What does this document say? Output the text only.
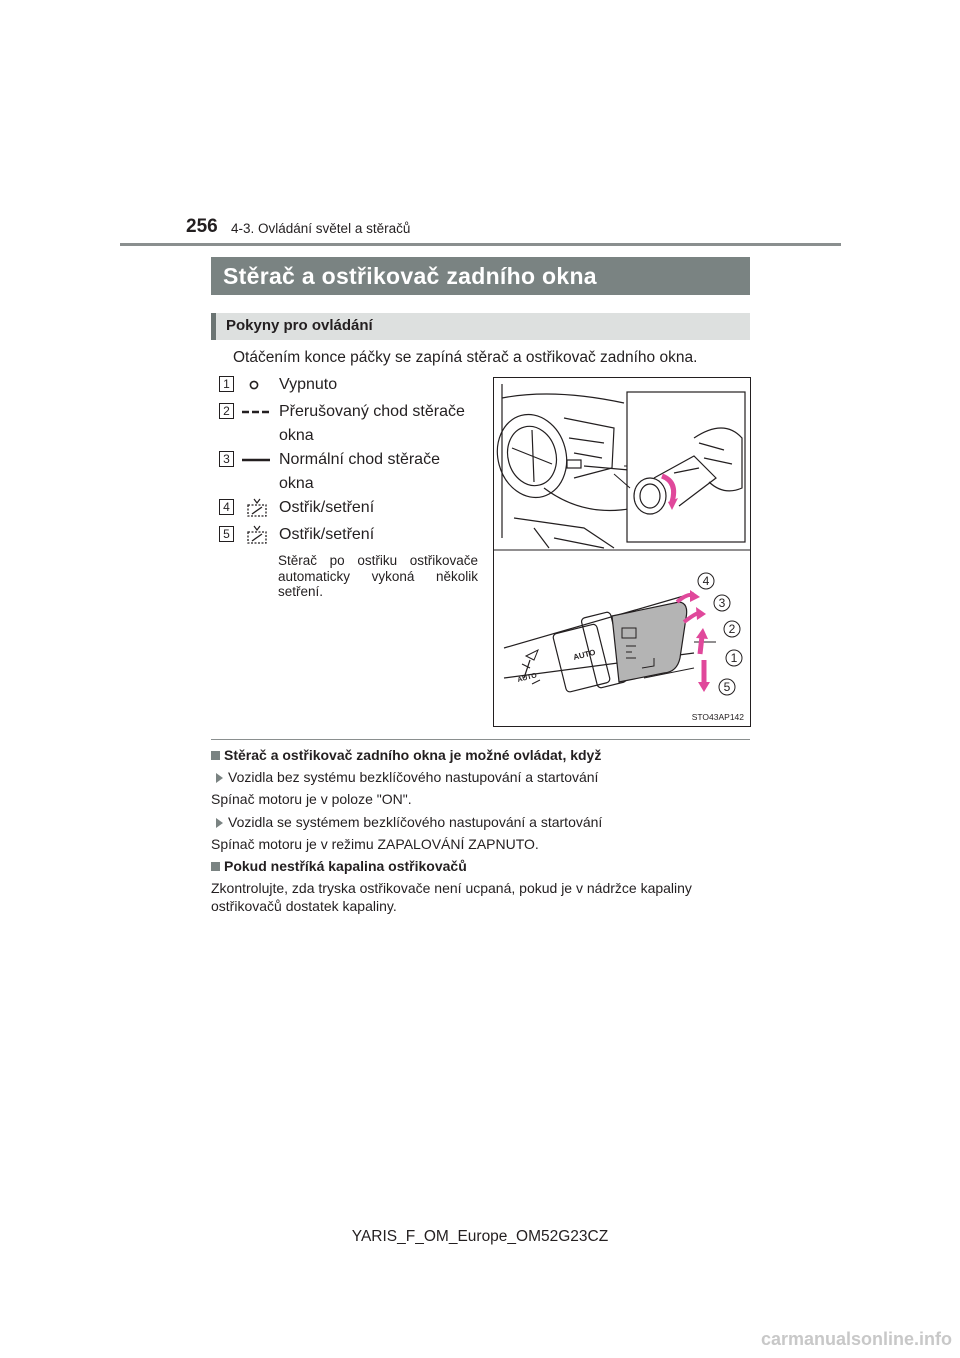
256 4-3. Ovládání světel a stěračů
Stěrač a ostřikovač zadního okna
Pokyny pro ovládání
Otáčením konce páčky se zapíná stěrač a ostřikovač zadního okna.
1	Vypnuto
2	Přerušovaný chod stěrače okna
3	Normální chod stěrače okna
4	Ostřik/setření
5	Ostřik/setření
Stěrač po ostřiku ostřikovače automaticky vykoná několik setření.
AUTO
AUTO
4
3
2
1
5
STO43AP142
Stěrač a ostřikovač zadního okna je možné ovládat, když
Vozidla bez systému bezklíčového nastupování a startování
Spínač motoru je v poloze "ON".
Vozidla se systémem bezklíčového nastupování a startování
Spínač motoru je v režimu ZAPALOVÁNÍ ZAPNUTO.
Pokud nestříká kapalina ostřikovačů
Zkontrolujte, zda tryska ostřikovače není ucpaná, pokud je v nádržce kapaliny
ostřikovačů dostatek kapaliny.
YARIS_F_OM_Europe_OM52G23CZ
carmanualsonline.info
